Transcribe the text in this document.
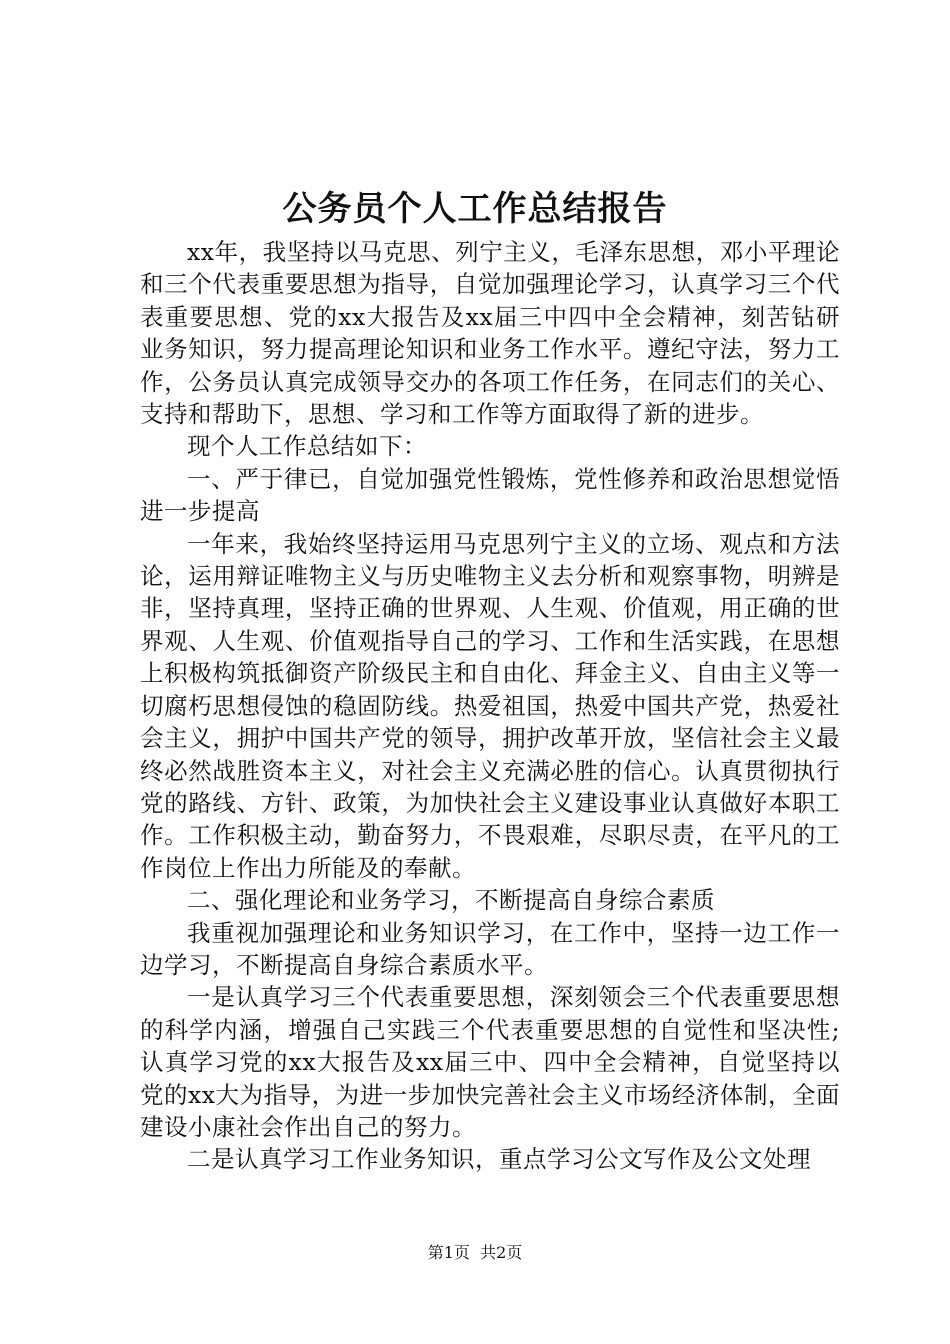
公务员个人工作总结报告

xx年，我坚持以马克思、列宁主义，毛泽东思想，邓小平理论和三个代表重要思想为指导，自觉加强理论学习，认真学习三个代表重要思想、党的xx大报告及xx届三中四中全会精神，刻苦钻研业务知识，努力提高理论知识和业务工作水平。遵纪守法，努力工作，公务员认真完成领导交办的各项工作任务，在同志们的关心、支持和帮助下，思想、学习和工作等方面取得了新的进步。

现个人工作总结如下：

一、严于律已，自觉加强党性锻炼，党性修养和政治思想觉悟进一步提高

一年来，我始终坚持运用马克思列宁主义的立场、观点和方法论，运用辩证唯物主义与历史唯物主义去分析和观察事物，明辨是非，坚持真理，坚持正确的世界观、人生观、价值观，用正确的世界观、人生观、价值观指导自己的学习、工作和生活实践，在思想上积极构筑抵御资产阶级民主和自由化、拜金主义、自由主义等一切腐朽思想侵蚀的稳固防线。热爱祖国，热爱中国共产党，热爱社会主义，拥护中国共产党的领导，拥护改革开放，坚信社会主义最终必然战胜资本主义，对社会主义充满必胜的信心。认真贯彻执行党的路线、方针、政策，为加快社会主义建设事业认真做好本职工作。工作积极主动，勤奋努力，不畏艰难，尽职尽责，在平凡的工作岗位上作出力所能及的奉献。

二、强化理论和业务学习，不断提高自身综合素质

我重视加强理论和业务知识学习，在工作中，坚持一边工作一边学习，不断提高自身综合素质水平。

一是认真学习三个代表重要思想，深刻领会三个代表重要思想的科学内涵，增强自己实践三个代表重要思想的自觉性和坚决性;认真学习党的xx大报告及xx届三中、四中全会精神，自觉坚持以党的xx大为指导，为进一步加快完善社会主义市场经济体制，全面建设小康社会作出自己的努力。

二是认真学习工作业务知识，重点学习公文写作及公文处理

第1页 共2页
